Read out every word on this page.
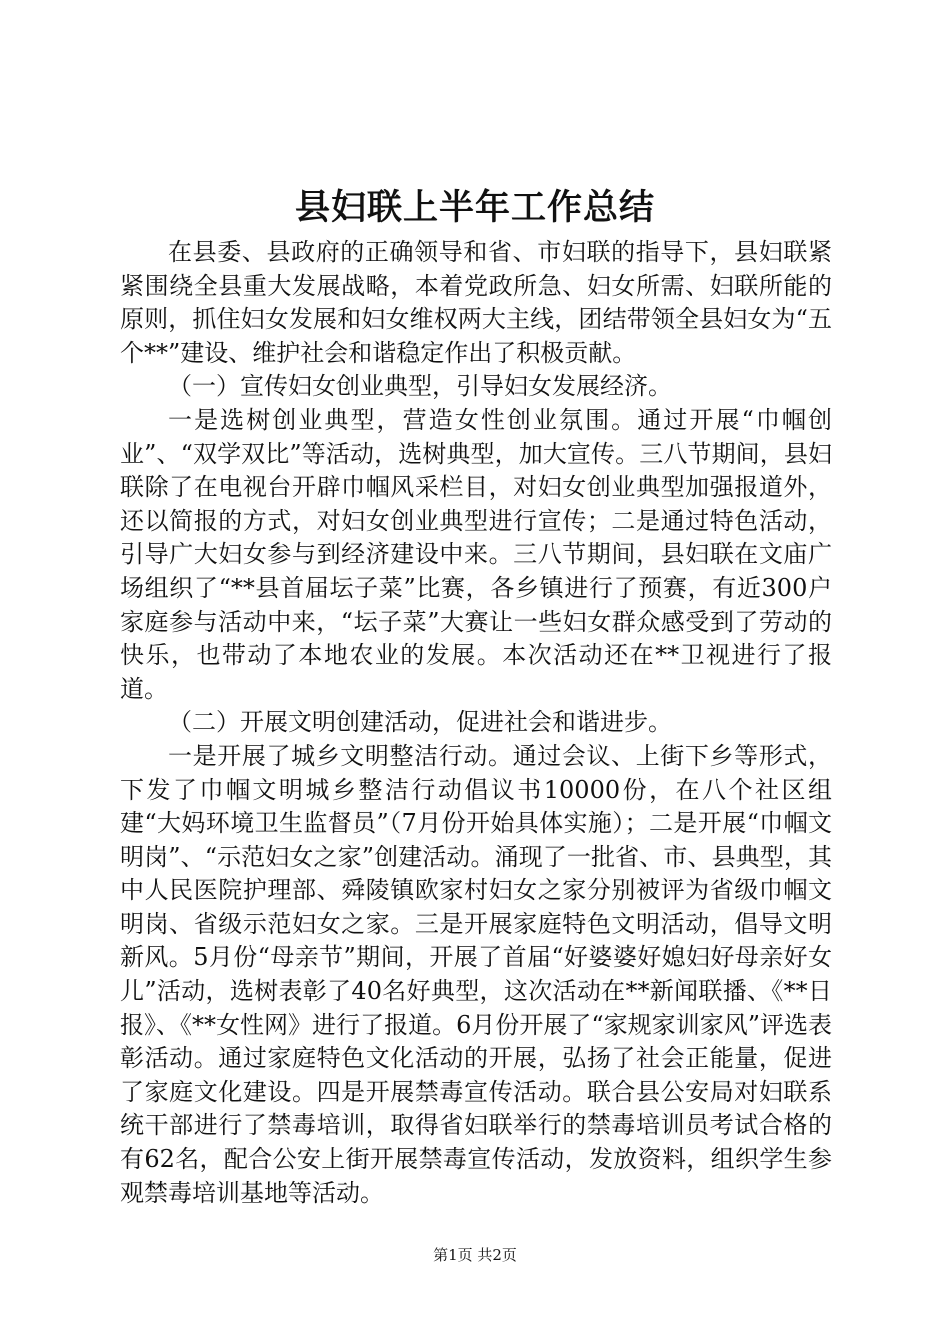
县妇联上半年工作总结

在县委、县政府的正确领导和省、市妇联的指导下，县妇联紧紧围绕全县重大发展战略，本着党政所急、妇女所需、妇联所能的原则，抓住妇女发展和妇女维权两大主线，团结带领全县妇女为“五个**”建设、维护社会和谐稳定作出了积极贡献。

（一）宣传妇女创业典型，引导妇女发展经济。

一是选树创业典型，营造女性创业氛围。通过开展“巾帼创业”、“双学双比”等活动，选树典型，加大宣传。三八节期间，县妇联除了在电视台开辟巾帼风采栏目，对妇女创业典型加强报道外，还以简报的方式，对妇女创业典型进行宣传；二是通过特色活动，引导广大妇女参与到经济建设中来。三八节期间，县妇联在文庙广场组织了“**县首届坛子菜”比赛，各乡镇进行了预赛，有近300户家庭参与活动中来，“坛子菜”大赛让一些妇女群众感受到了劳动的快乐，也带动了本地农业的发展。本次活动还在**卫视进行了报道。

（二）开展文明创建活动，促进社会和谐进步。

一是开展了城乡文明整洁行动。通过会议、上街下乡等形式，下发了巾帼文明城乡整洁行动倡议书10000份，在八个社区组建“大妈环境卫生监督员”（7月份开始具体实施）；二是开展“巾帼文明岗”、“示范妇女之家”创建活动。涌现了一批省、市、县典型，其中人民医院护理部、舜陵镇欧家村妇女之家分别被评为省级巾帼文明岗、省级示范妇女之家。三是开展家庭特色文明活动，倡导文明新风。5月份“母亲节”期间，开展了首届“好婆婆好媳妇好母亲好女儿”活动，选树表彰了40名好典型，这次活动在**新闻联播、《**日报》、《**女性网》进行了报道。6月份开展了“家规家训家风”评选表彰活动。通过家庭特色文化活动的开展，弘扬了社会正能量，促进了家庭文化建设。四是开展禁毒宣传活动。联合县公安局对妇联系统干部进行了禁毒培训，取得省妇联举行的禁毒培训员考试合格的有62名，配合公安上街开展禁毒宣传活动，发放资料，组织学生参观禁毒培训基地等活动。

第1页 共2页
